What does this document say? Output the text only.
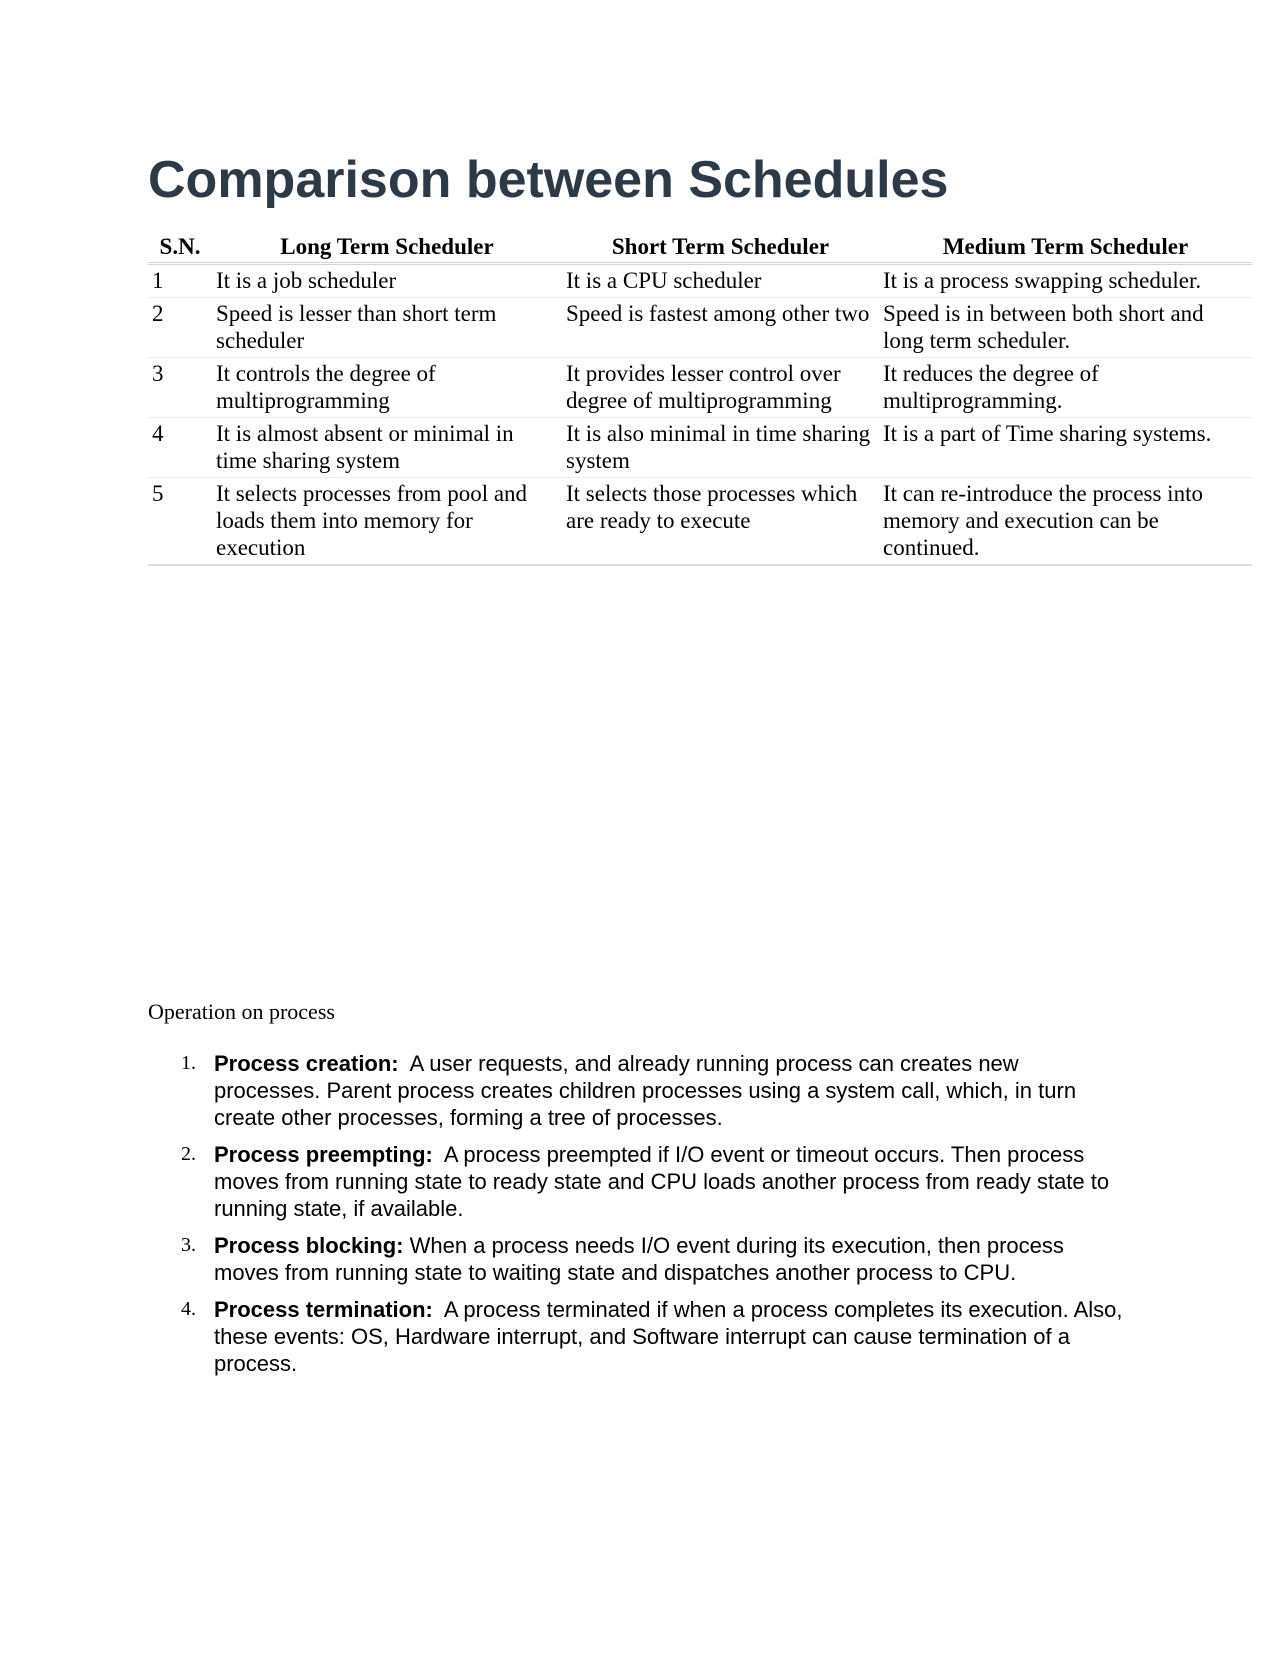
Comparison between Schedules
S.N.	Long Term Scheduler	Short Term Scheduler	Medium Term Scheduler
1	It is a job scheduler	It is a CPU scheduler	It is a process swapping scheduler.
2	Speed is lesser than short term scheduler	Speed is fastest among other two	Speed is in between both short and long term scheduler.
3	It controls the degree of multiprogramming	It provides lesser control over degree of multiprogramming	It reduces the degree of multiprogramming.
4	It is almost absent or minimal in time sharing system	It is also minimal in time sharing system	It is a part of Time sharing systems.
5	It selects processes from pool and loads them into memory for execution	It selects those processes which are ready to execute	It can re-introduce the process into memory and execution can be continued.
Operation on process
1. Process creation: A user requests, and already running process can creates new processes. Parent process creates children processes using a system call, which, in turn create other processes, forming a tree of processes.
2. Process preempting: A process preempted if I/O event or timeout occurs. Then process moves from running state to ready state and CPU loads another process from ready state to running state, if available.
3. Process blocking: When a process needs I/O event during its execution, then process moves from running state to waiting state and dispatches another process to CPU.
4. Process termination: A process terminated if when a process completes its execution. Also, these events: OS, Hardware interrupt, and Software interrupt can cause termination of a process.
